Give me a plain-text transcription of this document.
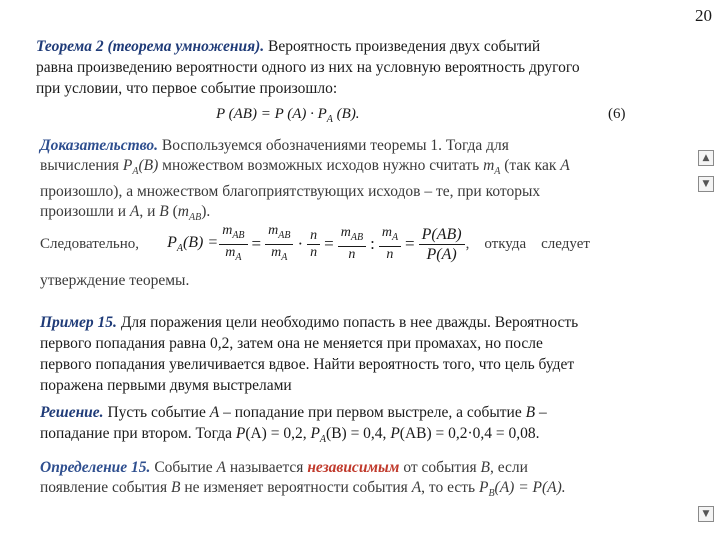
20
Теорема 2 (теорема умножения). Вероятность произведения двух событий
равна произведению вероятности одного из них на условную вероятность другого
при условии, что первое событие произошло:
P (AB) = P $(A) \cdot P_A$ (B).	(6)
Доказательство. Воспользуемся обозначениями теоремы 1. Тогда для
вычисления $P_A(B)$ множеством возможных исходов нужно считать $m_A$ (так как A
произошло), а множеством благоприятствующих исходов – те, при которых
произошли и A, и B $(m_{AB})$.
Следовательно, $P_A(B) = \frac{m_{AB}}{m_A} = \frac{m_{AB}}{m_A} \cdot \frac{n}{n} = \frac{m_{AB}}{n}$ : $\frac{m_A}{n} = \frac{P(AB)}{P(A)}$ ,    откуда    следует
утверждение теоремы.
Пример 15. Для поражения цели необходимо попасть в нее дважды. Вероятность
первого попадания равна 0,2, затем она не меняется при промахах, но после
первого попадания увеличивается вдвое. Найти вероятность того, что цель будет
поражена первыми двумя выстрелами
Решение. Пусть событие A – попадание при первом выстреле, а событие B –
попадание при втором. Тогда P(A) = 0,2, $P_A(B) = 0,4$, P(AB) = 0,2·0,4 = 0,08.
Определение 15. Событие A называется независимым от события B, если
появление события B не изменяет вероятности события A, то есть $P_B(A) = P(A)$.
▲
▼
▼
